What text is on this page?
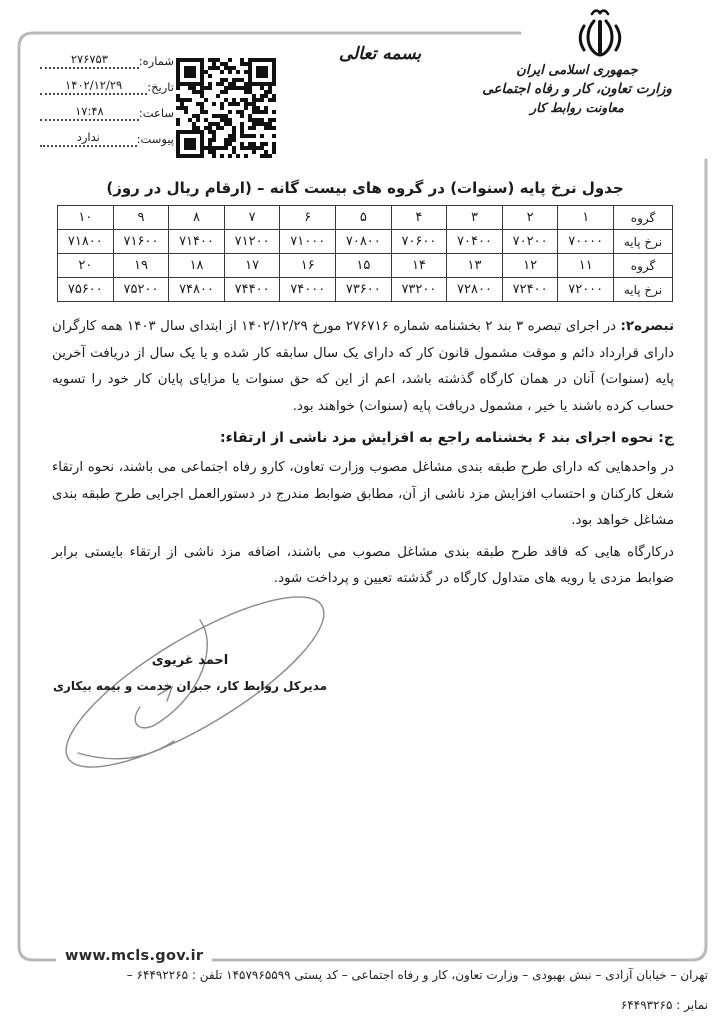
شماره:
۲۷۶۷۵۳
تاریخ:
۱۴۰۲/۱۲/۲۹
ساعت:
۱۷:۴۸
پیوست:
ندارد
بسمه تعالی
جمهوری اسلامی ایران
وزارت تعاون، کار و رفاه اجتماعی
معاونت روابط کار
جدول نرخ پایه (سنوات) در گروه های بیست گانه – (ارقام ریال در روز)
گروه	۱	۲	۳	۴	۵	۶	۷	۸	۹	۱۰
نرخ پایه	۷۰۰۰۰	۷۰۲۰۰	۷۰۴۰۰	۷۰۶۰۰	۷۰۸۰۰	۷۱۰۰۰	۷۱۲۰۰	۷۱۴۰۰	۷۱۶۰۰	۷۱۸۰۰
گروه	۱۱	۱۲	۱۳	۱۴	۱۵	۱۶	۱۷	۱۸	۱۹	۲۰
نرخ پایه	۷۲۰۰۰	۷۲۴۰۰	۷۲۸۰۰	۷۳۲۰۰	۷۳۶۰۰	۷۴۰۰۰	۷۴۴۰۰	۷۴۸۰۰	۷۵۲۰۰	۷۵۶۰۰

تبصره۲: در اجرای تبصره ۳ بند ۲ بخشنامه شماره ۲۷۶۷۱۶ مورخ ۱۴۰۲/۱۲/۲۹ از ابتدای سال ۱۴۰۳ همه کارگران دارای قرارداد دائم و موقت مشمول قانون کار که دارای یک سال سابقه کار شده و یا یک سال از دریافت آخرین پایه (سنوات) آنان در همان کارگاه گذشته باشد، اعم از این که حق سنوات یا مزایای پایان کار خود را تسویه حساب کرده باشند یا خیر ، مشمول دریافت پایه (سنوات) خواهند بود.

ج: نحوه اجرای بند ۶ بخشنامه راجع به افزایش مزد ناشی از ارتقاء:

در واحدهایی که دارای طرح طبقه بندی مشاغل مصوب وزارت تعاون، کارو رفاه اجتماعی می باشند، نحوه ارتقاء شغل کارکنان و احتساب افزایش مزد ناشی از آن، مطابق ضوابط مندرج در دستورالعمل اجرایی طرح طبقه بندی مشاغل خواهد بود.

درکارگاه هایی که فاقد طرح طبقه بندی مشاغل مصوب می باشند، اضافه مزد ناشی از ارتقاء بایستی برابر ضوابط مزدی یا رویه های متداول کارگاه در گذشته تعیین و پرداخت شود.

احمد غریوی
مدیرکل روابط کار، جبران خدمت و بیمه بیکاری
www.mcls.gov.ir
تهران – خیابان آزادی – نبش بهبودی – وزارت تعاون، کار و رفاه اجتماعی – کد پستی ۱۴۵۷۹۶۵۵۹۹ تلفن : ۶۴۴۹۲۲۶۵ –
نمابر : ۶۴۴۹۳۲۶۵
